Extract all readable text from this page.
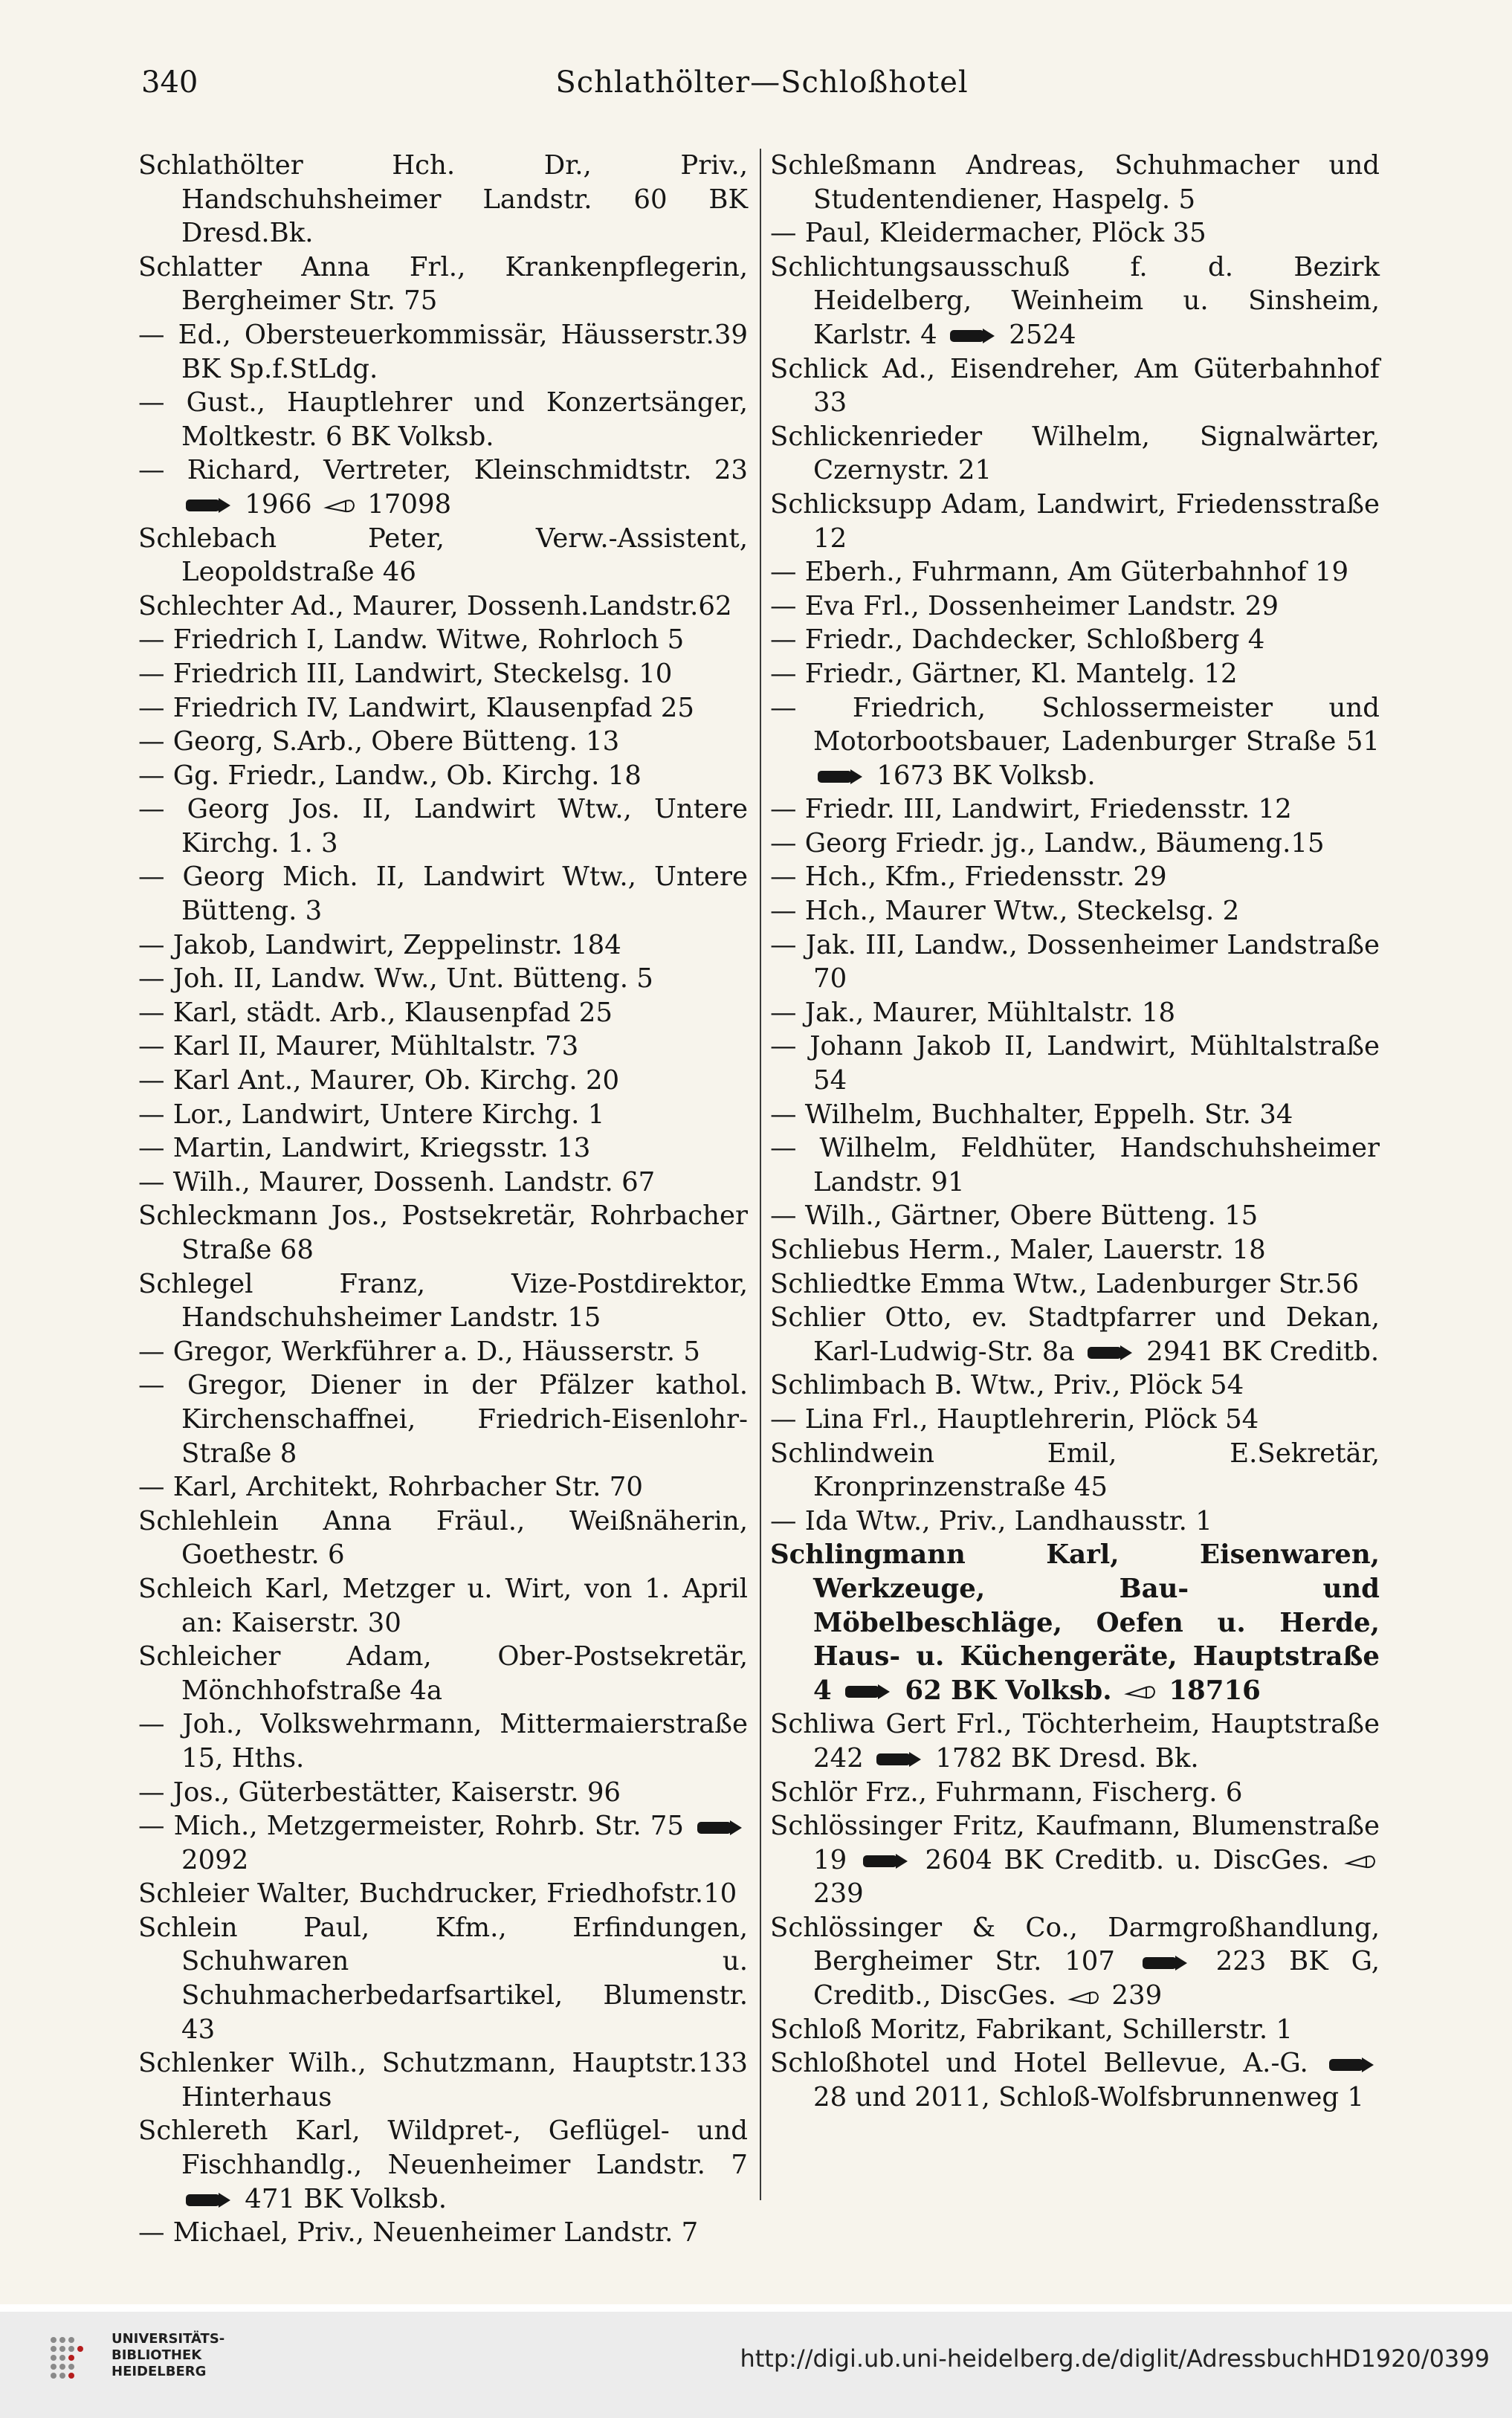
340	Schlathölter—Schloßhotel

Schlathölter Hch. Dr., Priv., Handschuhsheimer Landstr. 60 BK Dresd.Bk.

Schlatter Anna Frl., Krankenpflegerin, Bergheimer Str. 75

— Ed., Obersteuerkommissär, Häusserstr.39 BK Sp.f.StLdg.

— Gust., Hauptlehrer und Konzertsänger, Moltkestr. 6 BK Volksb.

— Richard, Vertreter, Kleinschmidtstr. 23  1966  17098

Schlebach Peter, Verw.-Assistent, Leopoldstraße 46

Schlechter Ad., Maurer, Dossenh.Landstr.62

— Friedrich I, Landw. Witwe, Rohrloch 5

— Friedrich III, Landwirt, Steckelsg. 10

— Friedrich IV, Landwirt, Klausenpfad 25

— Georg, S.Arb., Obere Bütteng. 13

— Gg. Friedr., Landw., Ob. Kirchg. 18

— Georg Jos. II, Landwirt Wtw., Untere Kirchg. 1. 3

— Georg Mich. II, Landwirt Wtw., Untere Bütteng. 3

— Jakob, Landwirt, Zeppelinstr. 184

— Joh. II, Landw. Ww., Unt. Bütteng. 5

— Karl, städt. Arb., Klausenpfad 25

— Karl II, Maurer, Mühltalstr. 73

— Karl Ant., Maurer, Ob. Kirchg. 20

— Lor., Landwirt, Untere Kirchg. 1

— Martin, Landwirt, Kriegsstr. 13

— Wilh., Maurer, Dossenh. Landstr. 67

Schleckmann Jos., Postsekretär, Rohrbacher Straße 68

Schlegel Franz, Vize-Postdirektor, Handschuhsheimer Landstr. 15

— Gregor, Werkführer a. D., Häusserstr. 5

— Gregor, Diener in der Pfälzer kathol. Kirchenschaffnei, Friedrich-Eisenlohr-Straße 8

— Karl, Architekt, Rohrbacher Str. 70

Schlehlein Anna Fräul., Weißnäherin, Goethestr. 6

Schleich Karl, Metzger u. Wirt, von 1. April an: Kaiserstr. 30

Schleicher Adam, Ober-Postsekretär, Mönchhofstraße 4a

— Joh., Volkswehrmann, Mittermaierstraße 15, Hths.

— Jos., Güterbestätter, Kaiserstr. 96

— Mich., Metzgermeister, Rohrb. Str. 75  2092

Schleier Walter, Buchdrucker, Friedhofstr.10

Schlein Paul, Kfm., Erfindungen, Schuhwaren u. Schuhmacherbedarfsartikel, Blumenstr. 43

Schlenker Wilh., Schutzmann, Hauptstr.133 Hinterhaus

Schlereth Karl, Wildpret-, Geflügel- und Fischhandlg., Neuenheimer Landstr. 7  471 BK Volksb.

— Michael, Priv., Neuenheimer Landstr. 7

Schleßmann Andreas, Schuhmacher und Studentendiener, Haspelg. 5

— Paul, Kleidermacher, Plöck 35

Schlichtungsausschuß f. d. Bezirk Heidelberg, Weinheim u. Sinsheim, Karlstr. 4  2524

Schlick Ad., Eisendreher, Am Güterbahnhof 33

Schlickenrieder Wilhelm, Signalwärter, Czernystr. 21

Schlicksupp Adam, Landwirt, Friedensstraße 12

— Eberh., Fuhrmann, Am Güterbahnhof 19

— Eva Frl., Dossenheimer Landstr. 29

— Friedr., Dachdecker, Schloßberg 4

— Friedr., Gärtner, Kl. Mantelg. 12

— Friedrich, Schlossermeister und Motorbootsbauer, Ladenburger Straße 51  1673 BK Volksb.

— Friedr. III, Landwirt, Friedensstr. 12

— Georg Friedr. jg., Landw., Bäumeng.15

— Hch., Kfm., Friedensstr. 29

— Hch., Maurer Wtw., Steckelsg. 2

— Jak. III, Landw., Dossenheimer Landstraße 70

— Jak., Maurer, Mühltalstr. 18

— Johann Jakob II, Landwirt, Mühltalstraße 54

— Wilhelm, Buchhalter, Eppelh. Str. 34

— Wilhelm, Feldhüter, Handschuhsheimer Landstr. 91

— Wilh., Gärtner, Obere Bütteng. 15

Schliebus Herm., Maler, Lauerstr. 18

Schliedtke Emma Wtw., Ladenburger Str.56

Schlier Otto, ev. Stadtpfarrer und Dekan, Karl-Ludwig-Str. 8a  2941 BK Creditb.

Schlimbach B. Wtw., Priv., Plöck 54

— Lina Frl., Hauptlehrerin, Plöck 54

Schlindwein Emil, E.Sekretär, Kronprinzenstraße 45

— Ida Wtw., Priv., Landhausstr. 1

Schlingmann Karl, Eisenwaren, Werkzeuge, Bau- und Möbelbeschläge, Oefen u. Herde, Haus- u. Küchengeräte, Hauptstraße 4  62 BK Volksb.  18716

Schliwa Gert Frl., Töchterheim, Hauptstraße 242  1782 BK Dresd. Bk.

Schlör Frz., Fuhrmann, Fischerg. 6

Schlössinger Fritz, Kaufmann, Blumenstraße 19  2604 BK Creditb. u. DiscGes.  239

Schlössinger & Co., Darmgroßhandlung, Bergheimer Str. 107  223 BK G, Creditb., DiscGes.  239

Schloß Moritz, Fabrikant, Schillerstr. 1

Schloßhotel und Hotel Bellevue, A.-G.  28 und 2011, Schloß-Wolfsbrunnenweg 1

UNIVERSITÄTS-
BIBLIOTHEK
HEIDELBERG	http://digi.ub.uni-heidelberg.de/diglit/AdressbuchHD1920/0399
